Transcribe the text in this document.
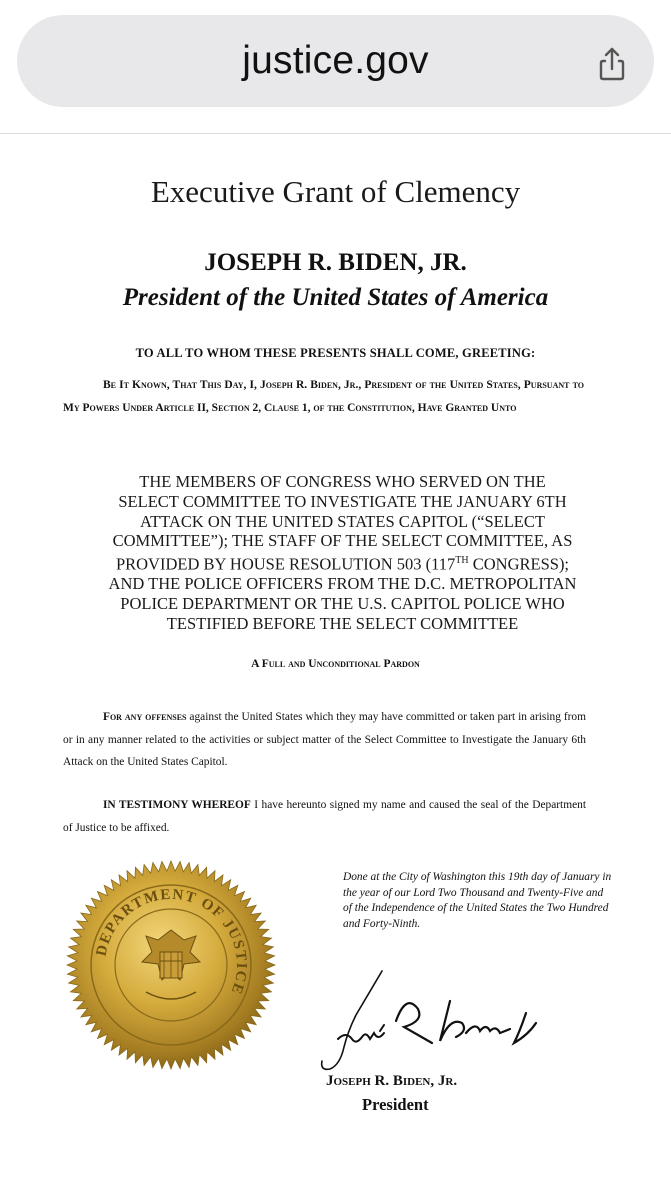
justice.gov
Executive Grant of Clemency
JOSEPH R. BIDEN, JR.
President of the United States of America
TO ALL TO WHOM THESE PRESENTS SHALL COME, GREETING:
Be It Known, That This Day, I, Joseph R. Biden, Jr., President of the United States, Pursuant to My Powers Under Article II, Section 2, Clause 1, of the Constitution, Have Granted Unto
THE MEMBERS OF CONGRESS WHO SERVED ON THE
SELECT COMMITTEE TO INVESTIGATE THE JANUARY 6TH
ATTACK ON THE UNITED STATES CAPITOL (“SELECT
COMMITTEE”); THE STAFF OF THE SELECT COMMITTEE, AS
PROVIDED BY HOUSE RESOLUTION 503 (117TH CONGRESS);
AND THE POLICE OFFICERS FROM THE D.C. METROPOLITAN
POLICE DEPARTMENT OR THE U.S. CAPITOL POLICE WHO
TESTIFIED BEFORE THE SELECT COMMITTEE
A Full and Unconditional Pardon
For any offenses against the United States which they may have committed or taken part in arising from or in any manner related to the activities or subject matter of the Select Committee to Investigate the January 6th Attack on the United States Capitol.
IN TESTIMONY WHEREOF I have hereunto signed my name and caused the seal of the Department of Justice to be affixed.
Done at the City of Washington this 19th day of January in the year of our Lord Two Thousand and Twenty-Five and of the Independence of the United States the Two Hundred and Forty-Ninth.
DEPARTMENT OF JUSTICE
Joseph R. Biden, Jr.
President
